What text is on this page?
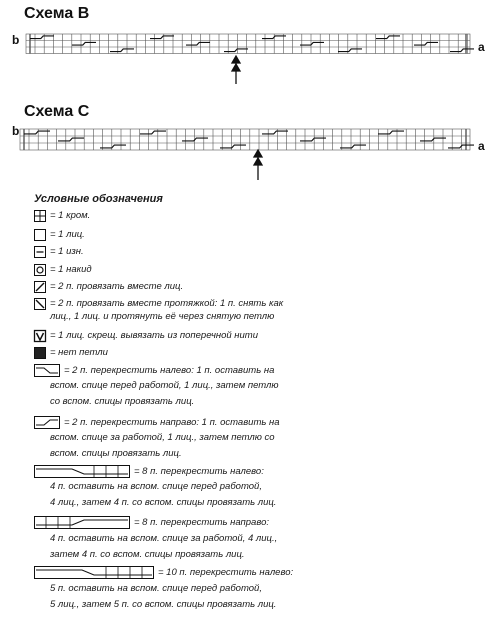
Схема B
b	a
Схема C
b
a
Условные обозначения
= 1 кром.
= 1 лиц.
= 1 изн.
= 1 накид
= 2 п. провязать вместе лиц.
= 2 п. провязать вместе протяжкой: 1 п. снять как
лиц., 1 лиц. и протянуть её через снятую петлю
= 1 лиц. скрещ. вывязать из поперечной нити
= нет петли
= 2 п. перекрестить налево: 1 п. оставить на
вспом. спице перед работой, 1 лиц., затем петлю
со вспом. спицы провязать лиц.
= 2 п. перекрестить направо: 1 п. оставить на
вспом. спице за работой, 1 лиц., затем петлю со
вспом. спицы провязать лиц.
= 8 п. перекрестить налево:
4 п. оставить на вспом. спице перед работой,
4 лиц., затем 4 п. со вспом. спицы провязать лиц.
= 8 п. перекрестить направо:
4 п. оставить на вспом. спице за работой, 4 лиц.,
затем 4 п. со вспом. спицы провязать лиц.
= 10 п. перекрестить налево:
5 п. оставить на вспом. спице перед работой,
5 лиц., затем 5 п. со вспом. спицы провязать лиц.
